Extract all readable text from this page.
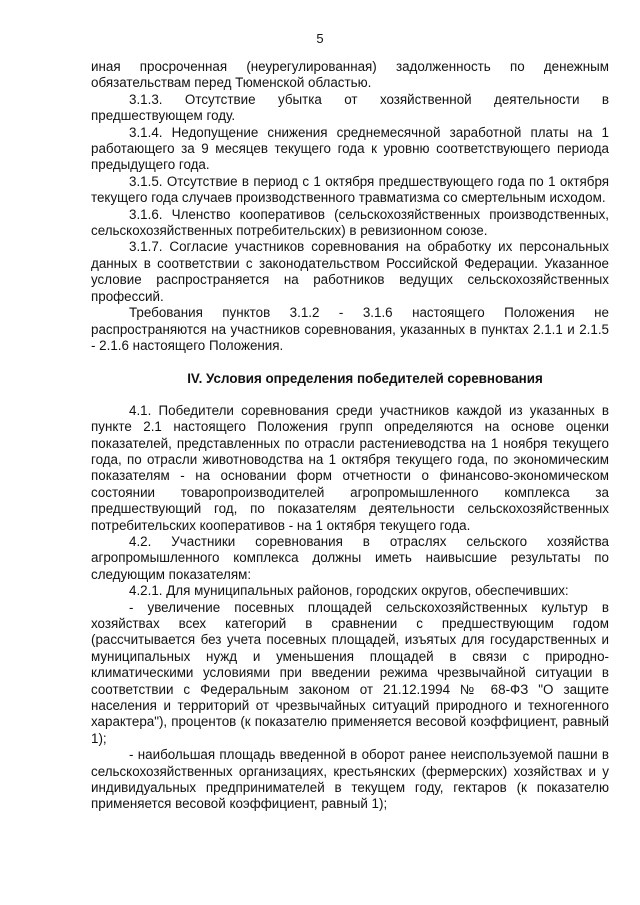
5

иная просроченная (неурегулированная) задолженность по денежным обязательствам перед Тюменской областью.

3.1.3. Отсутствие убытка от хозяйственной деятельности в предшествующем году.

3.1.4. Недопущение снижения среднемесячной заработной платы на 1 работающего за 9 месяцев текущего года к уровню соответствующего периода предыдущего года.

3.1.5. Отсутствие в период с 1 октября предшествующего года по 1 октября текущего года случаев производственного травматизма со смертельным исходом.

3.1.6. Членство кооперативов (сельскохозяйственных производственных, сельскохозяйственных потребительских) в ревизионном союзе.

3.1.7. Согласие участников соревнования на обработку их персональных данных в соответствии с законодательством Российской Федерации. Указанное условие распространяется на работников ведущих сельскохозяйственных профессий.

Требования пунктов 3.1.2 - 3.1.6 настоящего Положения не распространяются на участников соревнования, указанных в пунктах 2.1.1 и 2.1.5 - 2.1.6 настоящего Положения.

IV. Условия определения победителей соревнования

4.1. Победители соревнования среди участников каждой из указанных в пункте 2.1 настоящего Положения групп определяются на основе оценки показателей, представленных по отрасли растениеводства на 1 ноября текущего года, по отрасли животноводства на 1 октября текущего года, по экономическим показателям - на основании форм отчетности о финансово-экономическом состоянии товаропроизводителей агропромышленного комплекса за предшествующий год, по показателям деятельности сельскохозяйственных потребительских кооперативов - на 1 октября текущего года.

4.2. Участники соревнования в отраслях сельского хозяйства агропромышленного комплекса должны иметь наивысшие результаты по следующим показателям:

4.2.1. Для муниципальных районов, городских округов, обеспечивших:

- увеличение посевных площадей сельскохозяйственных культур в хозяйствах всех категорий в сравнении с предшествующим годом (рассчитывается без учета посевных площадей, изъятых для государственных и муниципальных нужд и уменьшения площадей в связи с природно-климатическими условиями при введении режима чрезвычайной ситуации в соответствии с Федеральным законом от 21.12.1994 № 68-ФЗ "О защите населения и территорий от чрезвычайных ситуаций природного и техногенного характера"), процентов (к показателю применяется весовой коэффициент, равный 1);

- наибольшая площадь введенной в оборот ранее неиспользуемой пашни в сельскохозяйственных организациях, крестьянских (фермерских) хозяйствах и у индивидуальных предпринимателей в текущем году, гектаров (к показателю применяется весовой коэффициент, равный 1);
